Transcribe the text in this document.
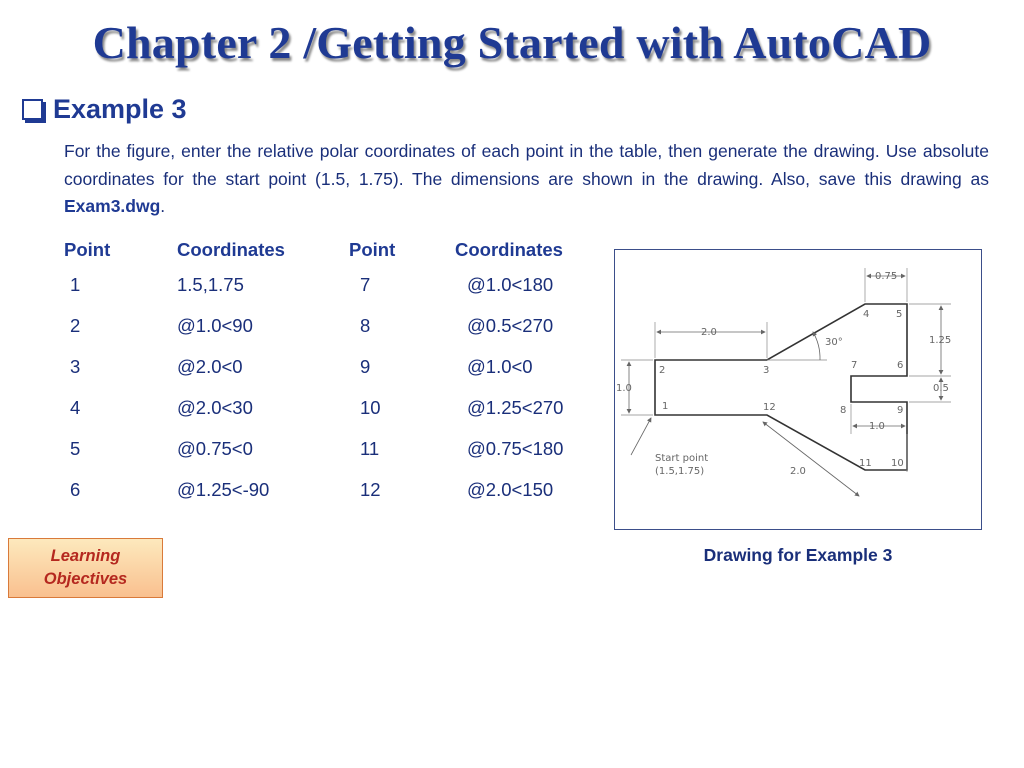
Chapter 2 /Getting Started with AutoCAD
Example 3
For the figure, enter the relative polar coordinates of each point in the table, then generate the drawing. Use absolute coordinates for the start point (1.5, 1.75). The dimensions are shown in the drawing. Also, save this drawing as Exam3.dwg.
Point	Coordinates	Point	Coordinates
1	1.5,1.75	7	@1.0<180
2	@1.0<90	8	@0.5<270
3	@2.0<0	9	@1.0<0
4	@2.0<30	10	@1.25<270
5	@0.75<0	11	@0.75<180
6	@1.25<-90	12	@2.0<150
2.0
0.75
1.25
0.5
1.0
1.0
2.0
30°
1
2	3
4	5
6
7
8	9
10
11
12
Start point
(1.5,1.75)
Drawing for Example 3
Learning
Objectives
